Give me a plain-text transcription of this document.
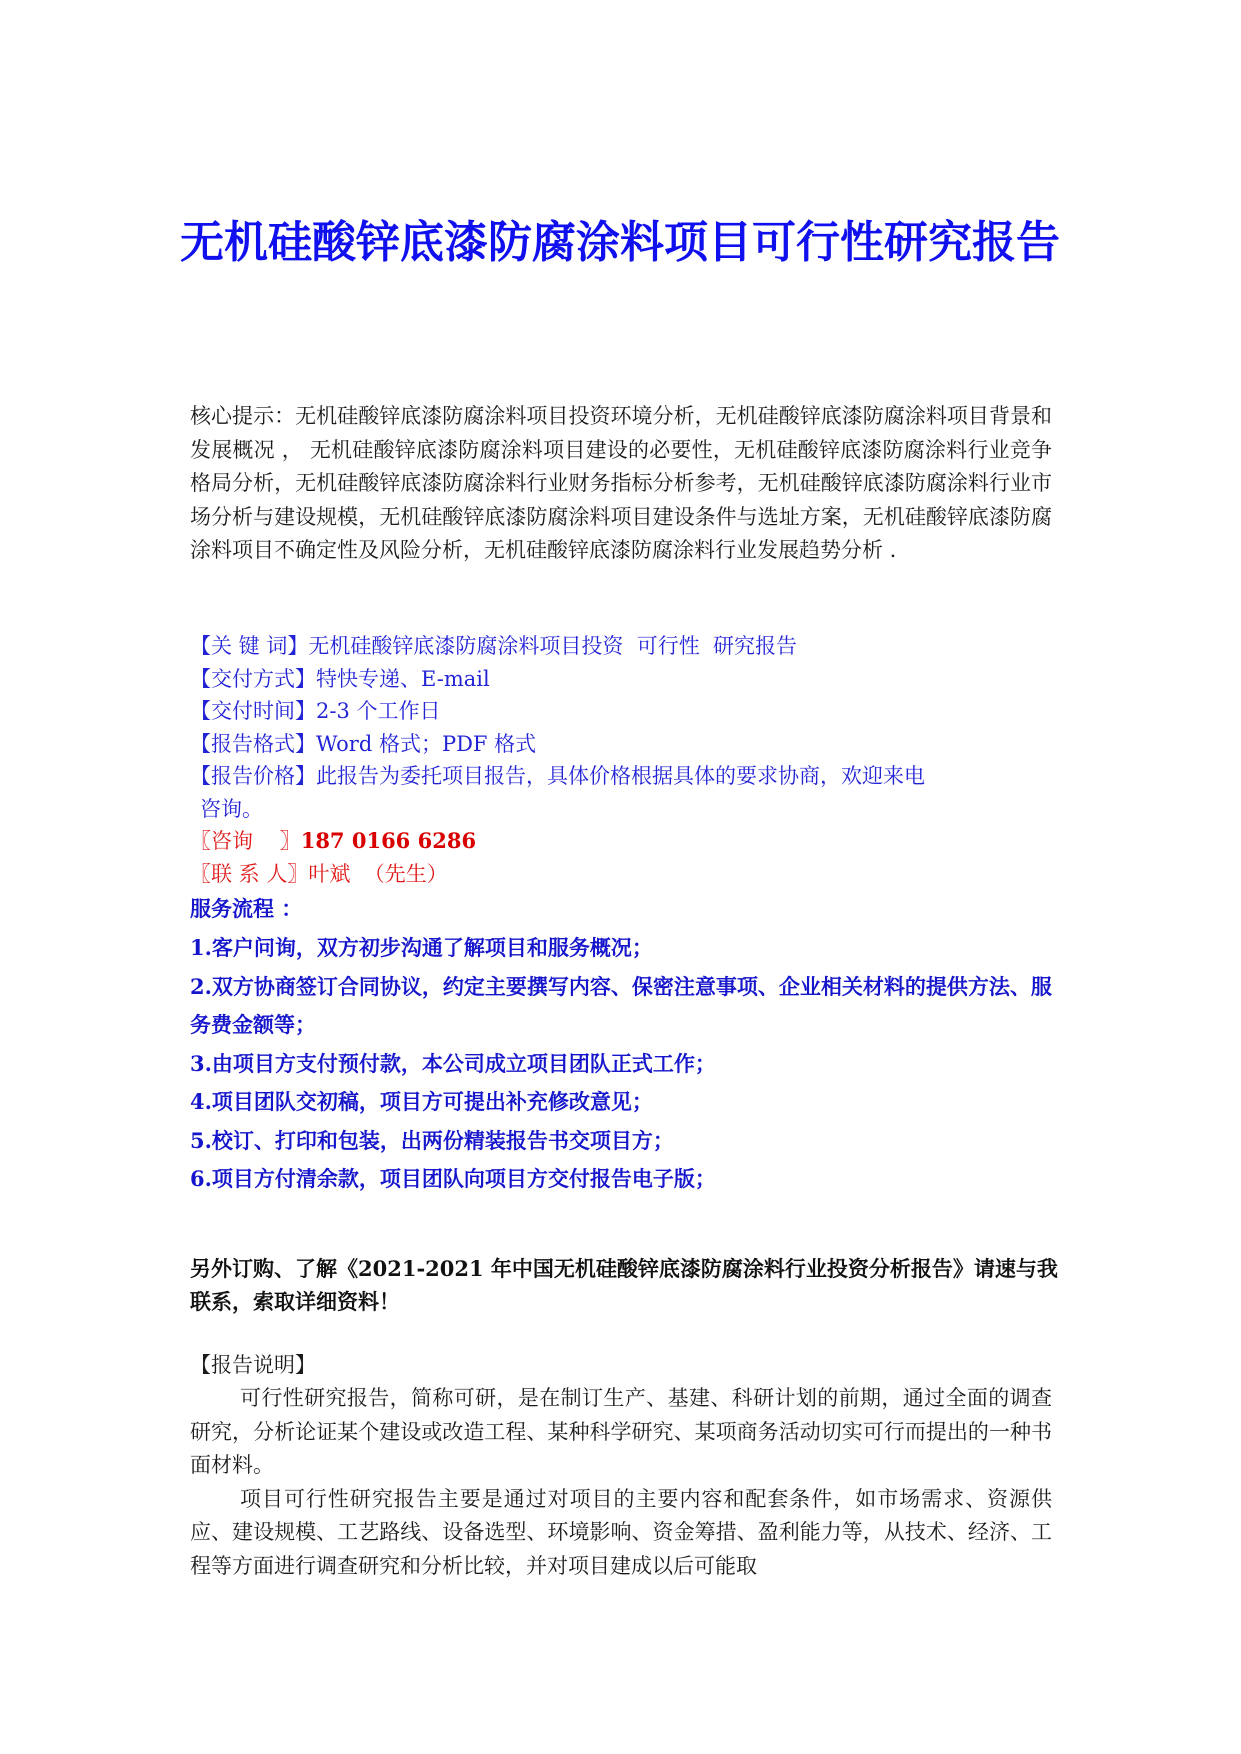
无机硅酸锌底漆防腐涂料项目可行性研究报告

核心提示：无机硅酸锌底漆防腐涂料项目投资环境分析，无机硅酸锌底漆防腐涂料项目背景和发展概况 ， 无机硅酸锌底漆防腐涂料项目建设的必要性，无机硅酸锌底漆防腐涂料行业竞争格局分析，无机硅酸锌底漆防腐涂料行业财务指标分析参考，无机硅酸锌底漆防腐涂料行业市场分析与建设规模，无机硅酸锌底漆防腐涂料项目建设条件与选址方案，无机硅酸锌底漆防腐涂料项目不确定性及风险分析，无机硅酸锌底漆防腐涂料行业发展趋势分析 .

【关 键 词】无机硅酸锌底漆防腐涂料项目投资  可行性  研究报告
【交付方式】特快专递、E-mail
【交付时间】2-3 个工作日
【报告格式】Word 格式；PDF 格式
【报告价格】此报告为委托项目报告，具体价格根据具体的要求协商，欢迎来电
咨询。
〖咨询    〗187 0166 6286
〖联 系 人〗叶斌  （先生）
服务流程 ：

1.客户问询，双方初步沟通了解项目和服务概况；

2.双方协商签订合同协议，约定主要撰写内容、保密注意事项、企业相关材料的提供方法、服务费金额等；

3.由项目方支付预付款，本公司成立项目团队正式工作；

4.项目团队交初稿，项目方可提出补充修改意见；

5.校订、打印和包装，出两份精装报告书交项目方；

6.项目方付清余款，项目团队向项目方交付报告电子版；

另外订购、了解《2021-2021 年中国无机硅酸锌底漆防腐涂料行业投资分析报告》请速与我联系，索取详细资料！

【报告说明】

可行性研究报告，简称可研，是在制订生产、基建、科研计划的前期，通过全面的调查研究，分析论证某个建设或改造工程、某种科学研究、某项商务活动切实可行而提出的一种书面材料。

项目可行性研究报告主要是通过对项目的主要内容和配套条件，如市场需求、资源供应、建设规模、工艺路线、设备选型、环境影响、资金筹措、盈利能力等，从技术、经济、工程等方面进行调查研究和分析比较，并对项目建成以后可能取
